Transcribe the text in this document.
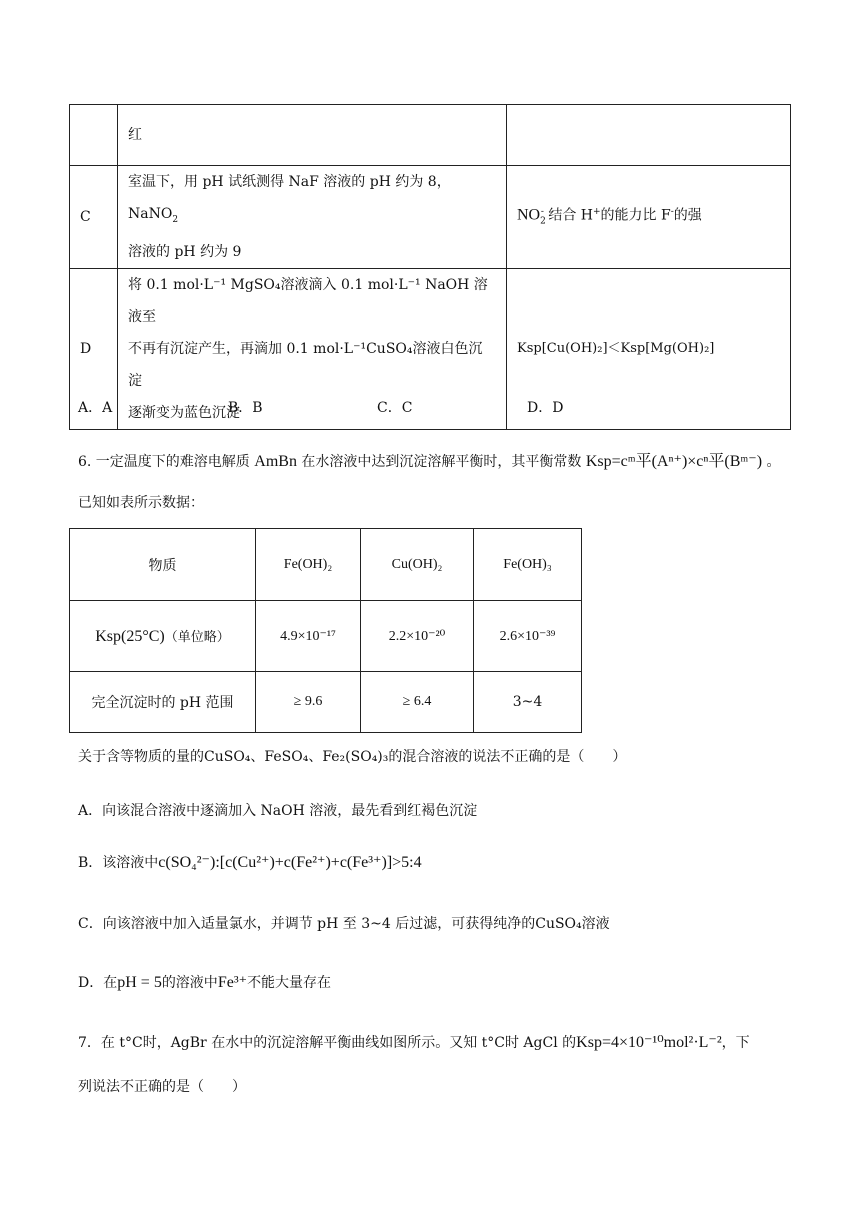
	红	
C	室温下，用 pH 试纸测得 NaF 溶液的 pH 约为 8，NaNO$_2$
溶液的 pH 约为 9	$NO_2^-$ 结合 H+的能力比 F-的强
D	将 0.1 mol·L⁻¹ MgSO₄溶液滴入 0.1 mol·L⁻¹ NaOH 溶液至
不再有沉淀产生，再滴加 0.1 mol·L⁻¹CuSO₄溶液白色沉淀
逐渐变为蓝色沉淀	Ksp[Cu(OH)₂]＜Ksp[Mg(OH)₂]
A．A	B．B	C．C	D．D
6. 一定温度下的难溶电解质 AmBn 在水溶液中达到沉淀溶解平衡时，其平衡常数 Ksp=cᵐ平(Aⁿ⁺)×cⁿ平(Bᵐ⁻) 。
已知如表所示数据：
物质	Fe(OH)₂	Cu(OH)₂	Fe(OH)₃
Ksp(25°C)（单位略）	4.9×10⁻¹⁷	2.2×10⁻²⁰	2.6×10⁻³⁹
完全沉淀时的 pH 范围	≥ 9.6	≥ 6.4	3~4
关于含等物质的量的CuSO₄、FeSO₄、Fe₂(SO₄)₃的混合溶液的说法不正确的是（　　）
A．向该混合溶液中逐滴加入 NaOH 溶液，最先看到红褐色沉淀
B．该溶液中c(SO₄²⁻):[c(Cu²⁺)+c(Fe²⁺)+c(Fe³⁺)]>5:4
C．向该溶液中加入适量氯水，并调节 pH 至 3~4 后过滤，可获得纯净的CuSO₄溶液
D．在pH = 5的溶液中Fe³⁺不能大量存在
7．在 t°C时，AgBr 在水中的沉淀溶解平衡曲线如图所示。又知 t°C时 AgCl 的Ksp=4×10⁻¹⁰mol²·L⁻²，下
列说法不正确的是（　　）
